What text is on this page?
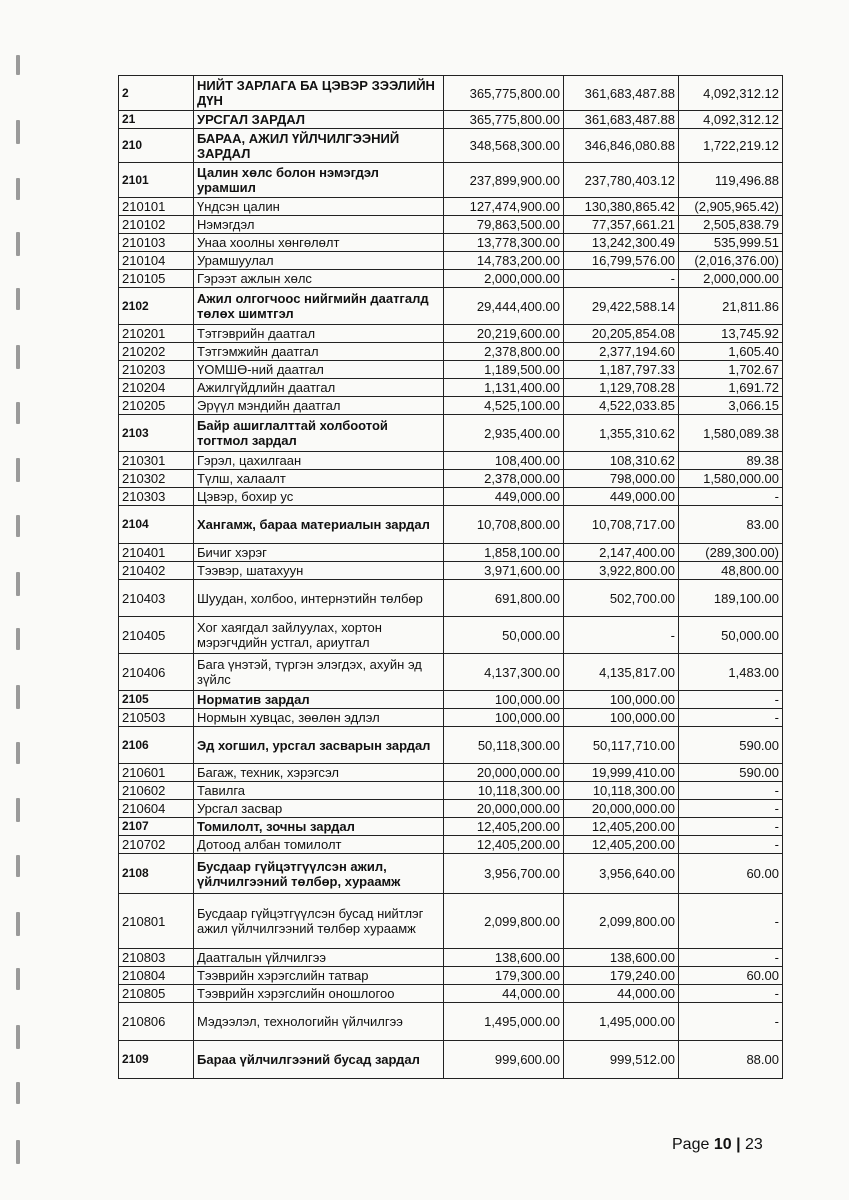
2	НИЙТ ЗАРЛАГА БА ЦЭВЭР ЗЭЭЛИЙН ДҮН	365,775,800.00	361,683,487.88	4,092,312.12
21	УРСГАЛ ЗАРДАЛ	365,775,800.00	361,683,487.88	4,092,312.12
210	БАРАА, АЖИЛ ҮЙЛЧИЛГЭЭНИЙ ЗАРДАЛ	348,568,300.00	346,846,080.88	1,722,219.12
2101	Цалин хөлс болон нэмэгдэл урамшил	237,899,900.00	237,780,403.12	119,496.88
210101	Үндсэн цалин	127,474,900.00	130,380,865.42	(2,905,965.42)
210102	Нэмэгдэл	79,863,500.00	77,357,661.21	2,505,838.79
210103	Унаа хоолны хөнгөлөлт	13,778,300.00	13,242,300.49	535,999.51
210104	Урамшуулал	14,783,200.00	16,799,576.00	(2,016,376.00)
210105	Гэрээт ажлын хөлс	2,000,000.00	-	2,000,000.00
2102	Ажил олгогчоос нийгмийн даатгалд төлөх шимтгэл	29,444,400.00	29,422,588.14	21,811.86
210201	Тэтгэврийн даатгал	20,219,600.00	20,205,854.08	13,745.92
210202	Тэтгэмжийн даатгал	2,378,800.00	2,377,194.60	1,605.40
210203	ҮОМШӨ-ний даатгал	1,189,500.00	1,187,797.33	1,702.67
210204	Ажилгүйдлийн даатгал	1,131,400.00	1,129,708.28	1,691.72
210205	Эрүүл мэндийн даатгал	4,525,100.00	4,522,033.85	3,066.15
2103	Байр ашиглалттай холбоотой тогтмол зардал	2,935,400.00	1,355,310.62	1,580,089.38
210301	Гэрэл, цахилгаан	108,400.00	108,310.62	89.38
210302	Түлш, халаалт	2,378,000.00	798,000.00	1,580,000.00
210303	Цэвэр, бохир ус	449,000.00	449,000.00	-
2104	Хангамж, бараа материалын зардал	10,708,800.00	10,708,717.00	83.00
210401	Бичиг хэрэг	1,858,100.00	2,147,400.00	(289,300.00)
210402	Тээвэр, шатахуун	3,971,600.00	3,922,800.00	48,800.00
210403	Шуудан, холбоо, интернэтийн төлбөр	691,800.00	502,700.00	189,100.00
210405	Хог хаягдал зайлуулах, хортон мэрэгчдийн устгал, ариутгал	50,000.00	-	50,000.00
210406	Бага үнэтэй, түргэн элэгдэх, ахуйн эд зүйлс	4,137,300.00	4,135,817.00	1,483.00
2105	Норматив зардал	100,000.00	100,000.00	-
210503	Нормын хувцас, зөөлөн эдлэл	100,000.00	100,000.00	-
2106	Эд хогшил, урсгал засварын зардал	50,118,300.00	50,117,710.00	590.00
210601	Багаж, техник, хэрэгсэл	20,000,000.00	19,999,410.00	590.00
210602	Тавилга	10,118,300.00	10,118,300.00	-
210604	Урсгал засвар	20,000,000.00	20,000,000.00	-
2107	Томилолт, зочны зардал	12,405,200.00	12,405,200.00	-
210702	Дотоод албан томилолт	12,405,200.00	12,405,200.00	-
2108	Бусдаар гүйцэтгүүлсэн ажил, үйлчилгээний төлбөр, хураамж	3,956,700.00	3,956,640.00	60.00
210801	Бусдаар гүйцэтгүүлсэн бусад нийтлэг ажил үйлчилгээний төлбөр хураамж	2,099,800.00	2,099,800.00	-
210803	Даатгалын үйлчилгээ	138,600.00	138,600.00	-
210804	Тээврийн хэрэгслийн татвар	179,300.00	179,240.00	60.00
210805	Тээврийн хэрэгслийн оношлогоо	44,000.00	44,000.00	-
210806	Мэдээлэл, технологийн үйлчилгээ	1,495,000.00	1,495,000.00	-
2109	Бараа үйлчилгээний бусад зардал	999,600.00	999,512.00	88.00
Page 10 | 23
